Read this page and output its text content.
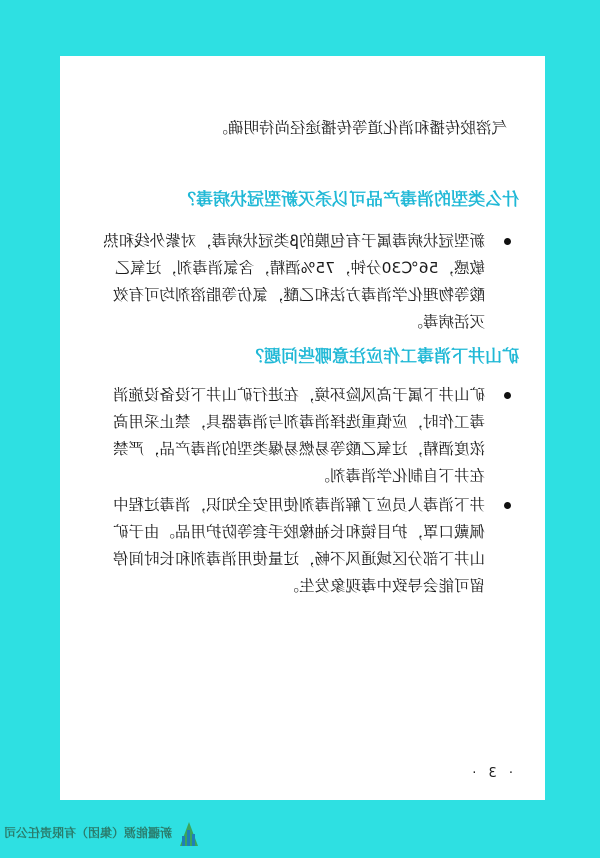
气溶胶传播和消化道等传播途径尚待明确。
什么类型的消毒产品可以杀灭新型冠状病毒？
新型冠状病毒属于有包膜的β类冠状病毒，对紫外线和热敏感，56℃30分钟，75%酒精，含氯消毒剂，过氧乙酸等物理化学消毒方法和乙醚，氯仿等脂溶剂均可有效灭活病毒。
矿山井下消毒工作应注意哪些问题？
矿山井下属于高风险环境，在进行矿山井下设备设施消毒工作时，应慎重选择消毒剂与消毒器具，禁止采用高浓度酒精，过氧乙酸等易燃易爆类型的消毒产品，严禁在井下自制化学消毒剂。
井下消毒人员应了解消毒剂使用安全知识，消毒过程中佩戴口罩，护目镜和长袖橡胶手套等防护用品。由于矿山井下部分区域通风不畅，过量使用消毒剂和长时间停留可能会导致中毒现象发生。
· 3 ·
新疆能源（集团）有限责任公司
